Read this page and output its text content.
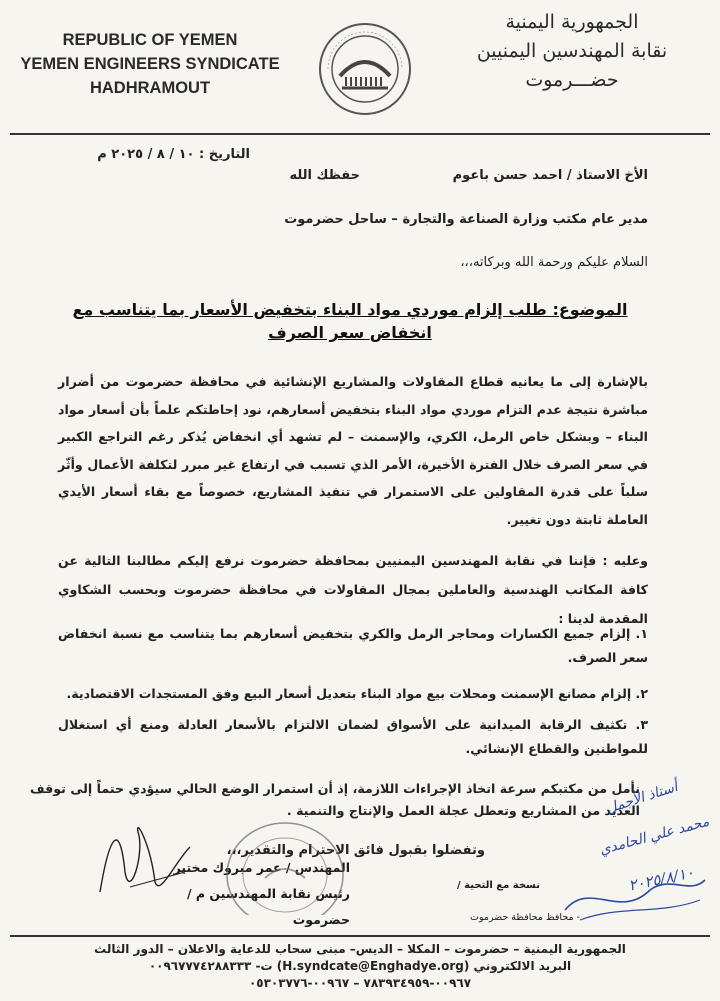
REPUBLIC OF YEMEN
YEMEN ENGINEERS SYNDICATE
HADHRAMOUT
الجمهورية اليمنية
نقابة المهندسين اليمنيين
حضـــرموت
التاريخ : ١٠ / ٨ / ٢٠٢٥ م
الأخ الاستاذ / احمد حسن باعوم
حفظك الله
مدير عام مكتب وزارة الصناعة والتجارة – ساحل حضرموت
السلام عليكم ورحمة الله وبركاته،،،
الموضوع: طلب إلزام موردي مواد البناء بتخفيض الأسعار بما يتناسب مع
انخفاض سعر الصرف
بالإشارة إلى ما يعانيه قطاع المقاولات والمشاريع الإنشائية في محافظة حضرموت من أضرار مباشرة نتيجة عدم التزام موردي مواد البناء بتخفيض أسعارهم، نود إحاطتكم علماً بأن أسعار مواد البناء – وبشكل خاص الرمل، الكري، والإسمنت – لم تشهد أي انخفاض يُذكر رغم التراجع الكبير في سعر الصرف خلال الفترة الأخيرة، الأمر الذي تسبب في ارتفاع غير مبرر لتكلفة الأعمال وأثّر سلباً على قدرة المقاولين على الاستمرار في تنفيذ المشاريع، خصوصاً مع بقاء أسعار الأيدي العاملة ثابتة دون تغيير.
وعليه : فإننا في نقابة المهندسين اليمنيين بمحافظة حضرموت نرفع إليكم مطالبنا التالية عن كافة المكاتب الهندسية والعاملين بمجال المقاولات في محافظة حضرموت وبحسب الشكاوي المقدمة لدينا :
١. إلزام جميع الكسارات ومحاجر الرمل والكري بتخفيض أسعارهم بما يتناسب مع نسبة انخفاض سعر الصرف.
٢. إلزام مصانع الإسمنت ومحلات بيع مواد البناء بتعديل أسعار البيع وفق المستجدات الاقتصادية.
٣. تكثيف الرقابة الميدانية على الأسواق لضمان الالتزام بالأسعار العادلة ومنع أي استغلال للمواطنين والقطاع الإنشائي.
نأمل من مكتبكم سرعة اتخاذ الإجراءات اللازمة، إذ أن استمرار الوضع الحالي سيؤدي حتماً إلى توقف العديد من المشاريع وتعطل عجلة العمل والإنتاج والتنمية .
وتفضلوا بقبول فائق الاحترام والتقدير،،،
المهندس / عمر مبروك مختير
رئيس نقابة المهندسين م / حضرموت
نسخة مع التحية /
- محافظ محافظة حضرموت
أستاذ الأجمل
محمد علي الحامدي
٢٠٢٥/٨/١٠
الجمهورية اليمنية – حضرموت – المكلا – الديس– مبنى سحاب للدعاية والاعلان – الدور الثالث
البريد الالكتروني (H.syndcate@Enghadye.org) ت- ٠٠٩٦٧٧٧٤٢٨٨٣٣٣
٠٠٩٦٧-٧٨٣٩٣٤٩٥٩ – ٠٠٩٦٧-٠٥٣٠٣٧٧٦
